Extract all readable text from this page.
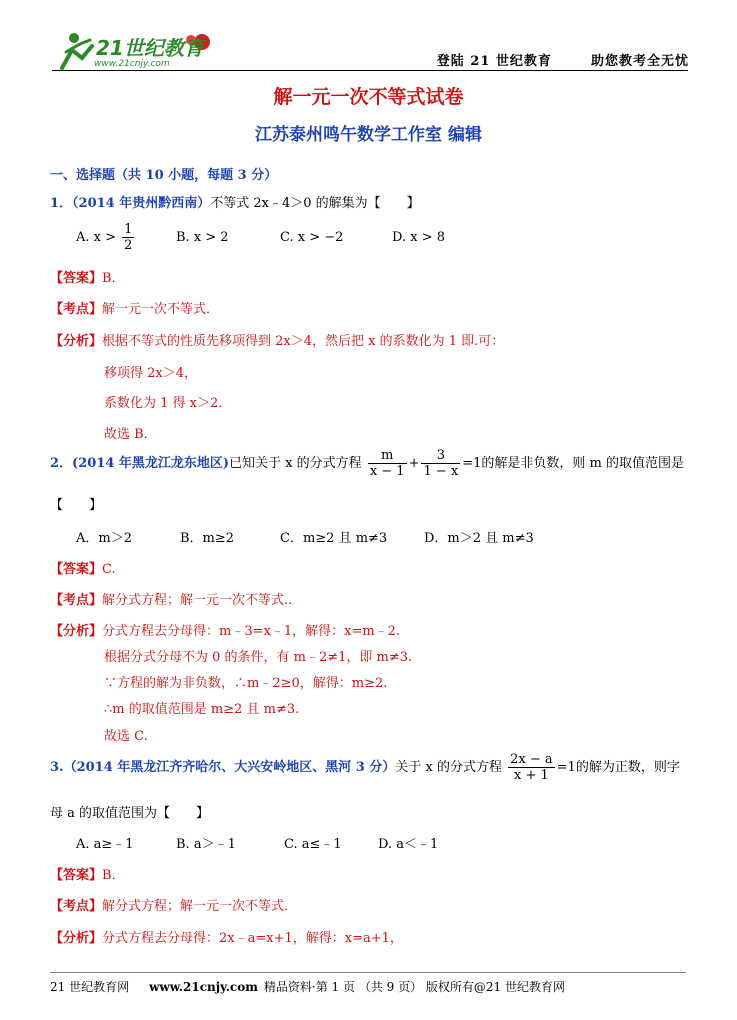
21世纪教育
www.21cnjy.com	登陆 21 世纪教育	助您教考全无忧
解一元一次不等式试卷
江苏泰州鸣午数学工作室 编辑
一、选择题（共 10 小题，每题 3 分）
1．（2014 年贵州黔西南）不等式 2x﹣4＞0 的解集为【　　】
A. $x > \frac{1}{2}$	B. x > 2	C. x > −2	D. x > 8
【答案】B．
【考点】解一元一次不等式．
【分析】根据不等式的性质先移项得到 2x＞4，然后把 x 的系数化为 1 即.可：
移项得 2x＞4，
系数化为 1 得 x＞2．
故选 B．
2．(2014 年黑龙江龙东地区)已知关于 x 的分式方程 $\frac{m}{x - 1} + \frac{3}{1 - x} =1$的解是非负数，则 m 的取值范围是
【　　】
A．m＞2	B．m≥2	C．m≥2 且 m≠3	D．m＞2 且 m≠3
【答案】C.
【考点】解分式方程；解一元一次不等式..
【分析】分式方程去分母得：m﹣3=x﹣1，解得：x=m﹣2.
根据分式分母不为 0 的条件，有 m﹣2≠1，即 m≠3.
∵方程的解为非负数，∴m﹣2≥0，解得：m≥2.
∴m 的取值范围是 m≥2 且 m≠3.
故选 C.
3.（2014 年黑龙江齐齐哈尔、大兴安岭地区、黑河 3 分）关于 x 的分式方程 $\frac{2x - a}{x + 1} =1$的解为正数，则字
母 a 的取值范围为【　　】
A. a≥﹣1	B. a＞﹣1	C. a≤﹣1	D. a＜﹣1
【答案】B．
【考点】解分式方程；解一元一次不等式．
【分析】分式方程去分母得：2x﹣a=x+1，解得：x=a+1，
21 世纪教育网 www.21cnjy.com 精品资料·第 1 页 （共 9 页） 版权所有@21 世纪教育网
